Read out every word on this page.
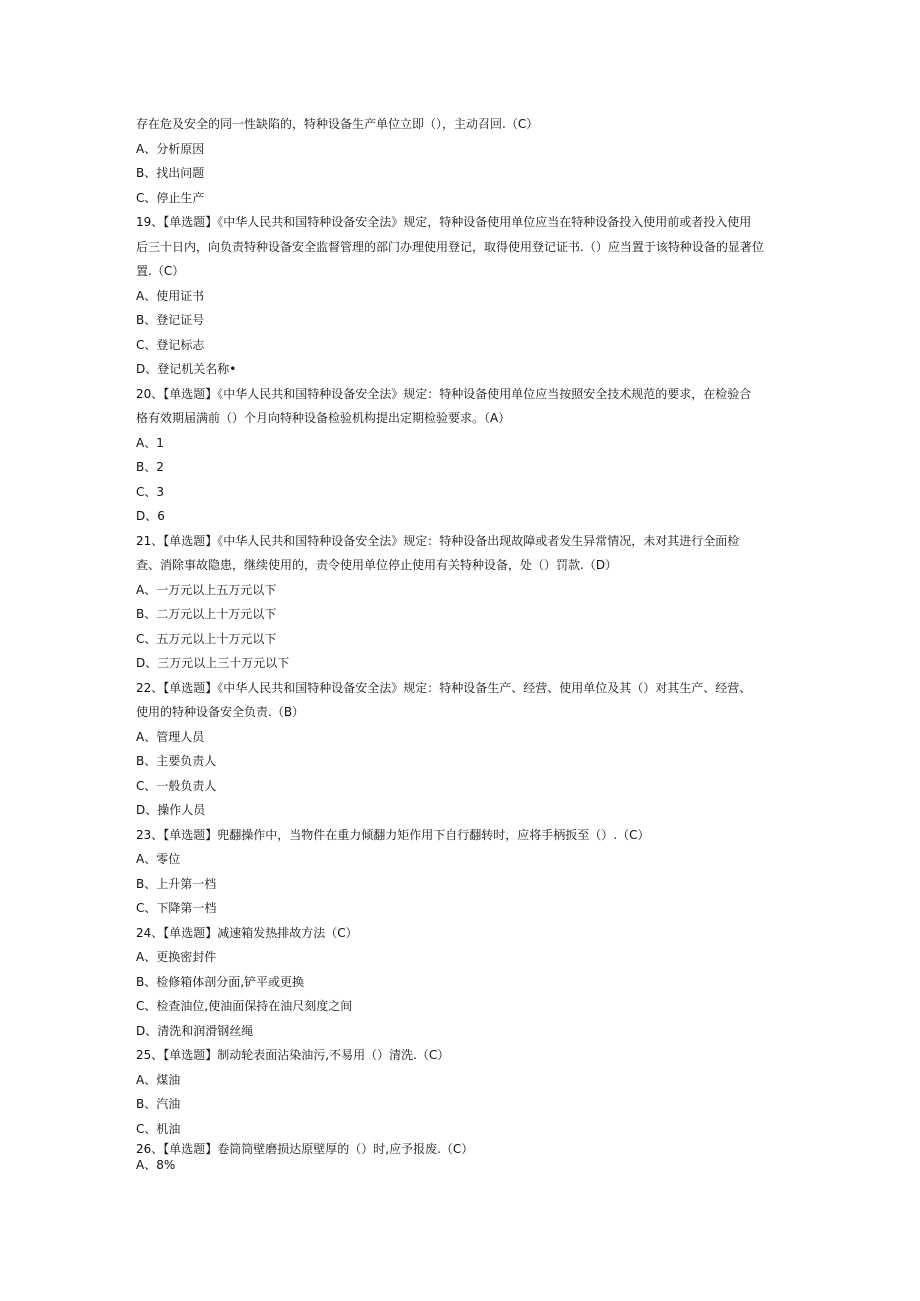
存在危及安全的同一性缺陷的，特种设备生产单位立即（），主动召回.（C）
A、分析原因
B、找出问题
C、停止生产
19、【单选题】《中华人民共和国特种设备安全法》规定，特种设备使用单位应当在特种设备投入使用前或者投入使用
后三十日内，向负责特种设备安全监督管理的部门办理使用登记，取得使用登记证书.（）应当置于该特种设备的显著位
置.（C）
A、使用证书
B、登记证号
C、登记标志
D、登记机关名称•
20、【单选题】《中华人民共和国特种设备安全法》规定：特种设备使用单位应当按照安全技术规范的要求，在检验合
格有效期届满前（）个月向特种设备检验机构提出定期检验要求。（A）
A、1
B、2
C、3
D、6
21、【单选题】《中华人民共和国特种设备安全法》规定：特种设备出现故障或者发生异常情况，未对其进行全面检
查、消除事故隐患，继续使用的，责令使用单位停止使用有关特种设备，处（）罚款.（D）
A、一万元以上五万元以下
B、二万元以上十万元以下
C、五万元以上十万元以下
D、三万元以上三十万元以下
22、【单选题】《中华人民共和国特种设备安全法》规定：特种设备生产、经营、使用单位及其（）对其生产、经营、
使用的特种设备安全负责.（B）
A、管理人员
B、主要负责人
C、一般负责人
D、操作人员
23、【单选题】兜翻操作中，当物件在重力倾翻力矩作用下自行翻转时，应将手柄扳至（）.（C）
A、零位
B、上升第一档
C、下降第一档
24、【单选题】减速箱发热排故方法（C）
A、更换密封件
B、检修箱体剖分面,铲平或更换
C、检查油位,使油面保持在油尺刻度之间
D、清洗和润滑钢丝绳
25、【单选题】制动轮表面沾染油污,不易用（）清洗.（C）
A、煤油
B、汽油
C、机油
26、【单选题】卷筒筒壁磨损达原壁厚的（）时,应予报废.（C）
A、8%
